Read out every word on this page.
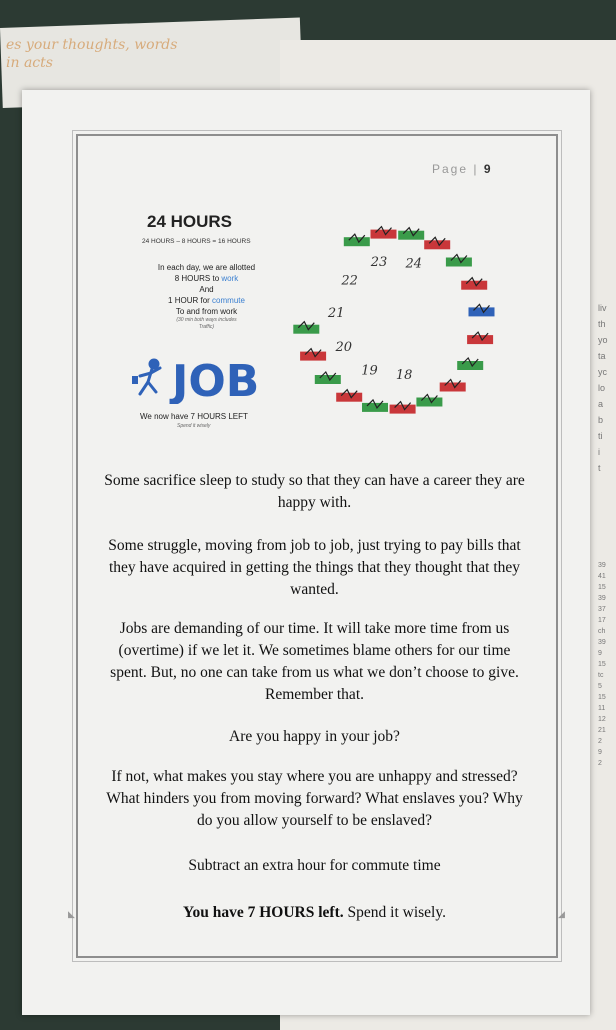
es your thoughts, words
in acts
liv
th
yo
ta
yc
lo
a
b
ti
i
t
39
41
15
39
37
17
ch
39
9
15
tc
5
15
11
12
21
2
9
2
◣	◢
Page | 9
24 HOURS
24 HOURS – 8 HOURS = 16 HOURS
In each day, we are allotted
8 HOURS to work
And
1 HOUR for commute
To and from work
(30 min both ways includes
Traffic)
JOB
We now have 7 HOURS LEFT
Spend it wisely
24
23
22
21
20
19 18
Some sacrifice sleep to study so that they can have a career they are happy with.
Some struggle, moving from job to job, just trying to pay bills that they have acquired in getting the things that they thought that they wanted.
Jobs are demanding of our time. It will take more time from us (overtime) if we let it. We sometimes blame others for our time spent. But, no one can take from us what we don’t choose to give. Remember that.
Are you happy in your job?
If not, what makes you stay where you are unhappy and stressed? What hinders you from moving forward? What enslaves you? Why do you allow yourself to be enslaved?
Subtract an extra hour for commute time
You have 7 HOURS left. Spend it wisely.
